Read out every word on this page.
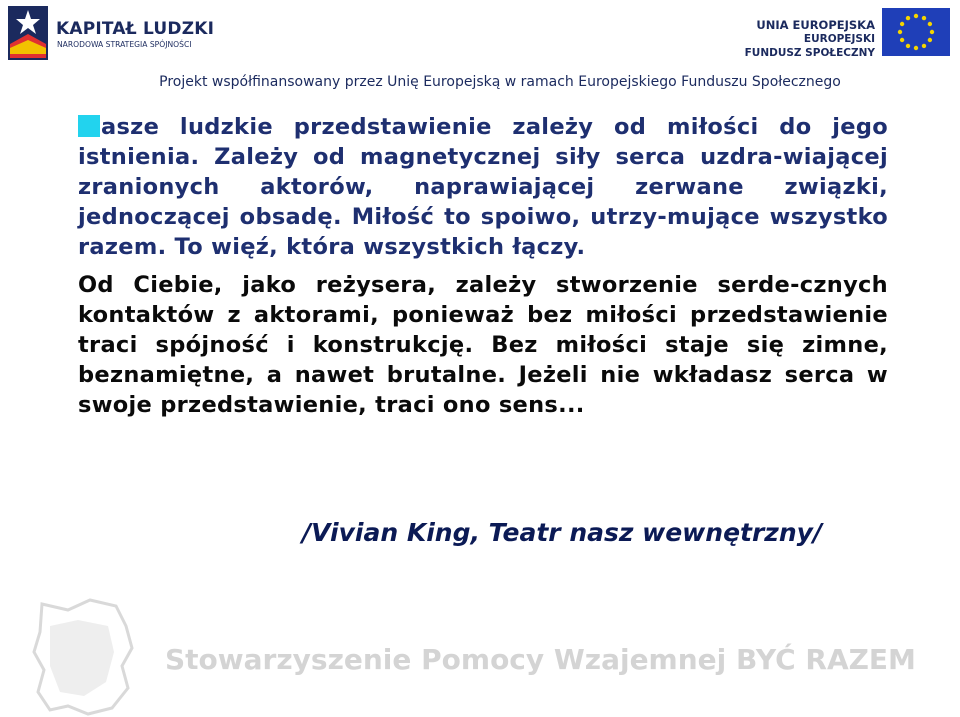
KAPITAŁ LUDZKI
NARODOWA STRATEGIA SPÓJNOŚCI
UNIA EUROPEJSKA
EUROPEJSKI
FUNDUSZ SPOŁECZNY
Projekt współfinansowany przez Unię Europejską w ramach Europejskiego Funduszu Społecznego

asze ludzkie przedstawienie zależy od miłości do jego istnienia. Zależy od magnetycznej siły serca uzdra-wiającej zranionych aktorów, naprawiającej zerwane związki, jednoczącej obsadę. Miłość to spoiwo, utrzy-mujące wszystko razem. To więź, która wszystkich łączy.

Od Ciebie, jako reżysera, zależy stworzenie serde-cznych kontaktów z aktorami, ponieważ bez miłości przedstawienie traci spójność i konstrukcję. Bez miłości staje się zimne, beznamiętne, a nawet brutalne. Jeżeli nie wkładasz serca w swoje przedstawienie, traci ono sens...

/Vivian King, Teatr nasz wewnętrzny/
Stowarzyszenie Pomocy Wzajemnej BYĆ RAZEM
